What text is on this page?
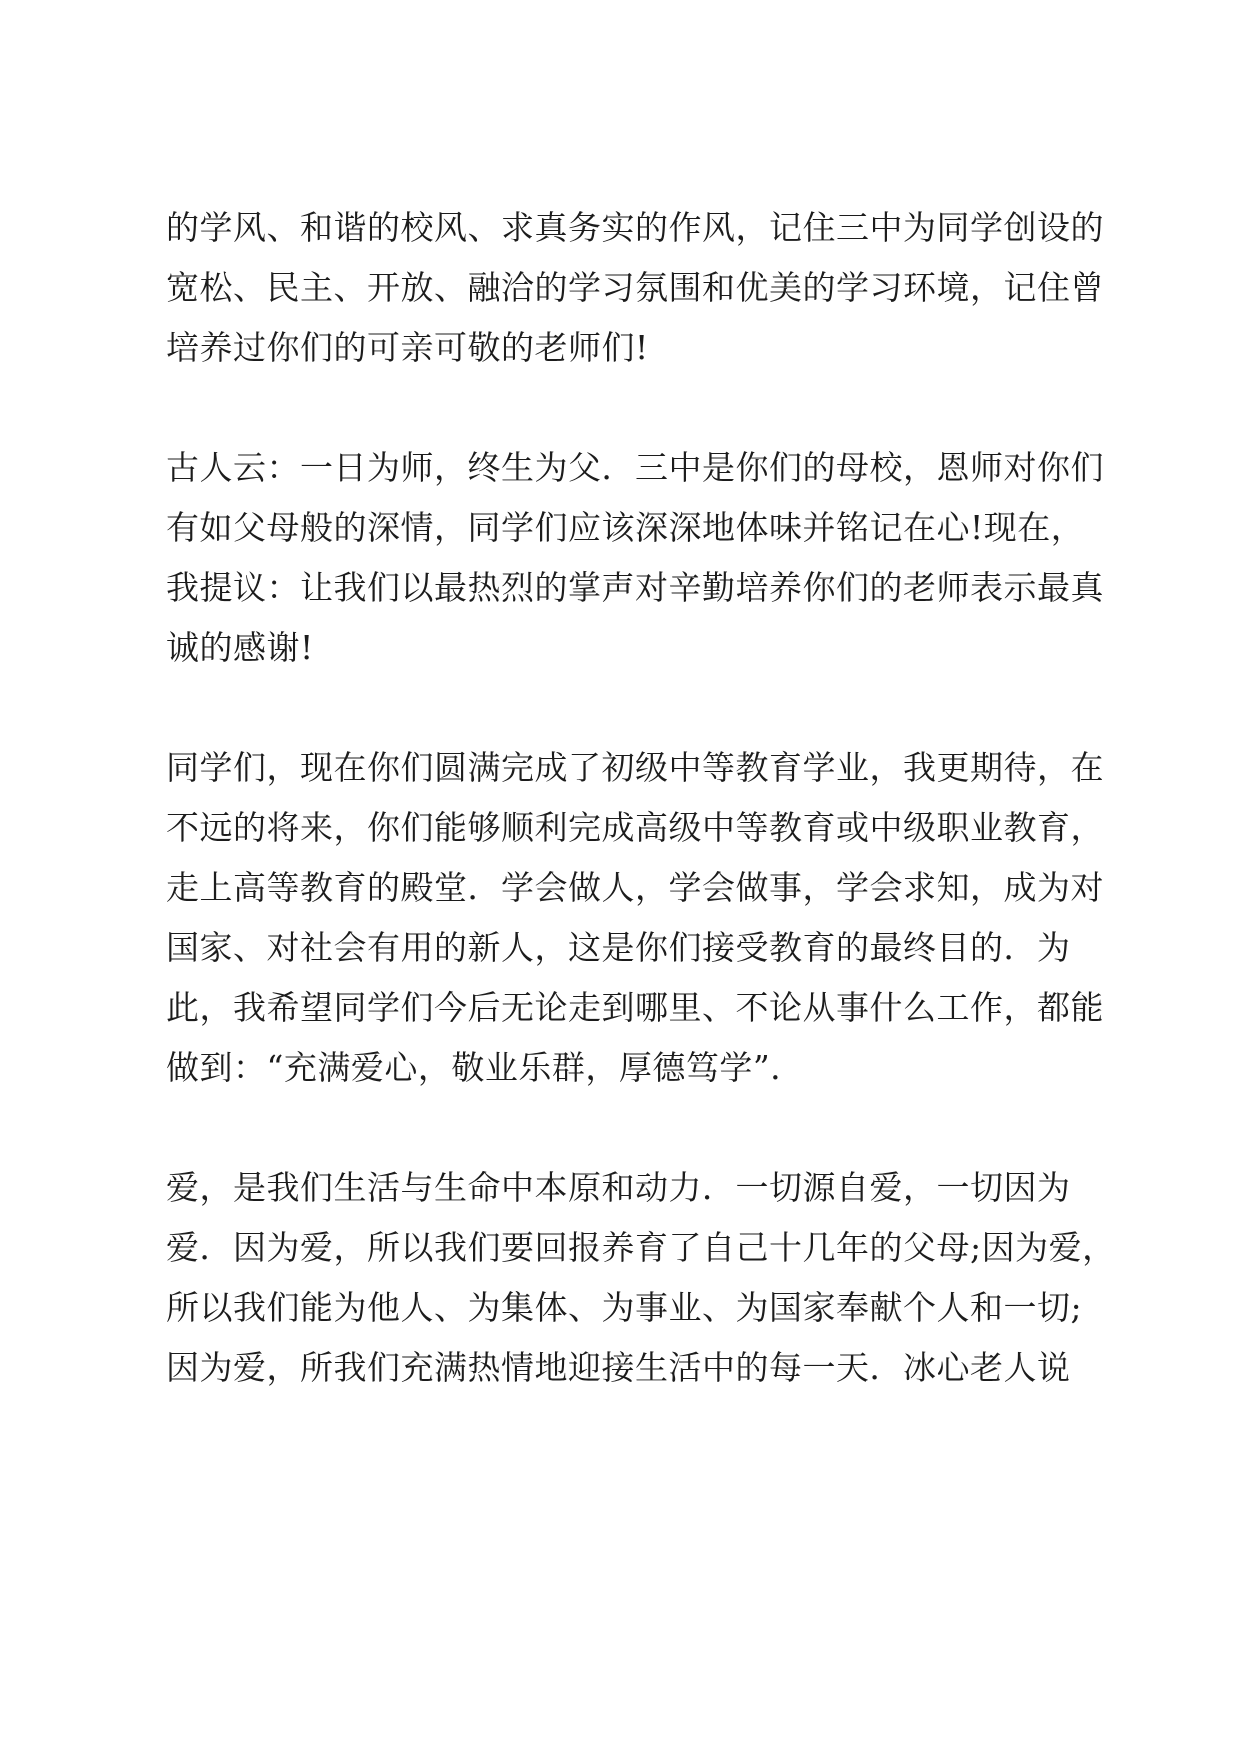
的学风、和谐的校风、求真务实的作风，记住三中为同学创设的
宽松、民主、开放、融洽的学习氛围和优美的学习环境，记住曾
培养过你们的可亲可敬的老师们!
古人云：一日为师，终生为父．三中是你们的母校，恩师对你们
有如父母般的深情，同学们应该深深地体味并铭记在心!现在，
我提议：让我们以最热烈的掌声对辛勤培养你们的老师表示最真
诚的感谢!
同学们，现在你们圆满完成了初级中等教育学业，我更期待，在
不远的将来，你们能够顺利完成高级中等教育或中级职业教育，
走上高等教育的殿堂．学会做人，学会做事，学会求知，成为对
国家、对社会有用的新人，这是你们接受教育的最终目的．为
此，我希望同学们今后无论走到哪里、不论从事什么工作，都能
做到：“充满爱心，敬业乐群，厚德笃学”．
爱，是我们生活与生命中本原和动力．一切源自爱，一切因为
爱．因为爱，所以我们要回报养育了自己十几年的父母;因为爱，
所以我们能为他人、为集体、为事业、为国家奉献个人和一切;
因为爱，所我们充满热情地迎接生活中的每一天．冰心老人说
